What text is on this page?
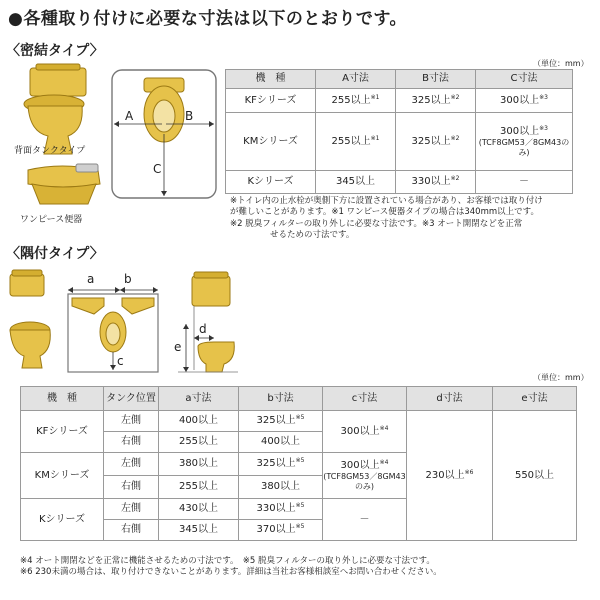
●各種取り付けに必要な寸法は以下のとおりです。
〈密結タイプ〉
（単位：mm）
背面タンクタイプ
ワンピース便器
A	B
C
機　種	A寸法	B寸法	C寸法
KFシリーズ	255以上$^{※1}$	325以上$^{※2}$	300以上$^{※3}$
KMシリーズ	255以上$^{※1}$	325以上$^{※2}$	300以上$^{※3}$
(TCF8GM53／8GM43のみ)

Kシリーズ	345以上	330以上$^{※2}$	－
※トイレ内の止水栓が奥側下方に設置されている場合があり、お客様では取り付け
が難しいことがあります。※1 ワンピース便器タイプの場合は340mm以上です。
※2 脱臭フィルターの取り外しに必要な寸法です。※3 オート開閉などを正常
せるための寸法です。
〈隅付タイプ〉
a b
c
d
e
（単位：mm）
機　種	タンク位置	a寸法	b寸法	c寸法	d寸法	e寸法
KFシリーズ	左側	400以上	325以上$^{※5}$	300以上$^{※4}$	230以上$^{※6}$	550以上
	右側	255以上	400以上			
KMシリーズ	左側	380以上	325以上$^{※5}$	300以上$^{※4}$
(TCF8GM53／8GM43のみ)		

	右側	255以上	380以上			
Kシリーズ	左側	430以上	330以上$^{※5}$	－		
	右側	345以上	370以上$^{※5}$
※4 オート開閉などを正常に機能させるための寸法です。　※5 脱臭フィルターの取り外しに必要な寸法です。
※6 230未満の場合は、取り付けできないことがあります。詳細は当社お客様相談室へお問い合わせください。
